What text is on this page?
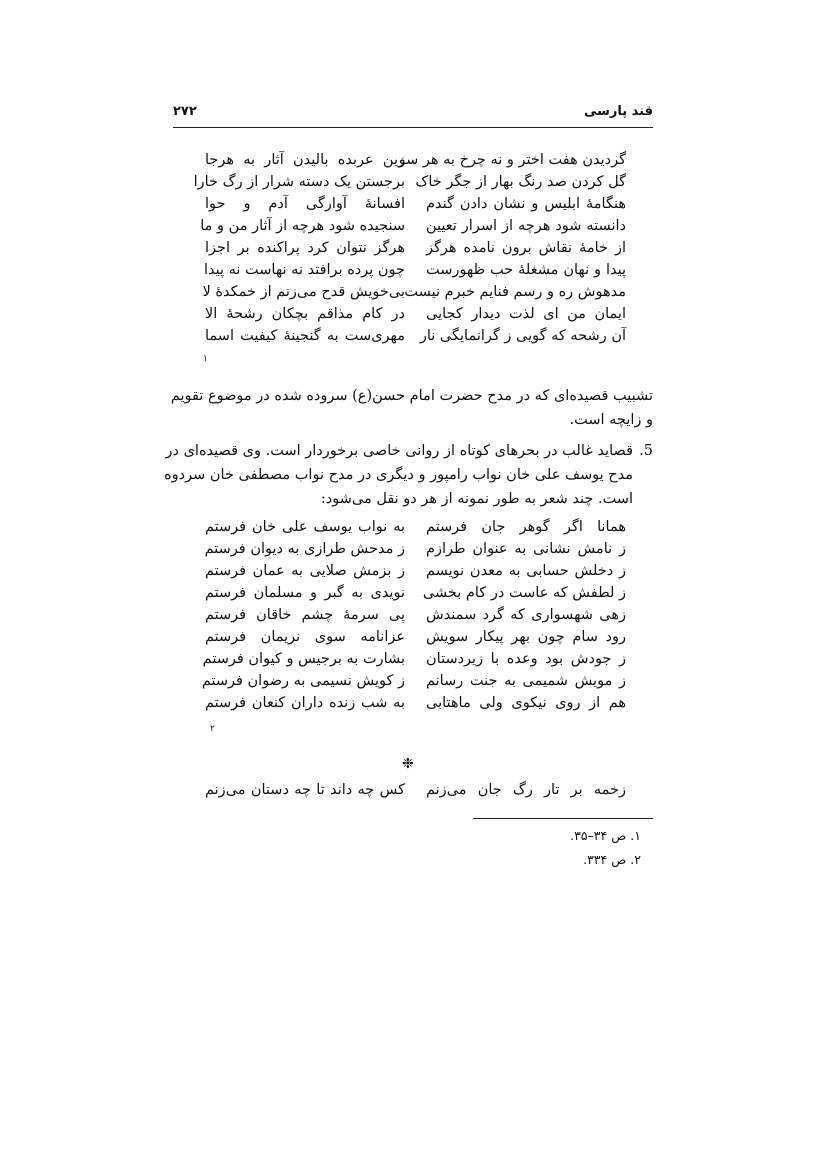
قند پارسی
۲۷۲
گردیدن هفت اختر و نه چرخ به هر سو
گل کردن صد رنگ بهار از جگر خاک
هنگامهٔ ابلیس و نشان دادن گندم
دانسته شود هرچه از اسرار تعیین
از خامهٔ نقاش برون نامده هرگز
پیدا و نهان مشغلهٔ حب ظهورست
مدهوش ره و رسم فنایم خبرم نیست
ایمان من ای لذت دیدار کجایی
آن رشحه که گویی ز گرانمایگی نار
زین عربده بالیدن آثار به هرجا
برجستن یک دسته شرار از رگ خارا
افسانهٔ آوارگی آدم و حوا
سنجیده شود هرچه از آثار من و ما
هرگز نتوان کرد پراکنده بر اجزا
چون پرده برافتد نه نهاست نه پیدا
بی‌خویش قدح می‌زنم از خمکدهٔ لا
در کام مذاقم بچکان رشحهٔ الا
مهری‌ست به گنجینهٔ کیفیت اسما
۱
تشبیب قصیده‌ای که در مدح حضرت امام حسن(ع) سروده شده در موضوع تقویم
و زایچه است.
5.
قصاید غالب در بحرهای کوتاه از روانی خاصی برخوردار است. وی قصیده‌ای در
مدح یوسف علی خان نواب رامپور و دیگری در مدح نواب مصطفی خان سردوه
است. چند شعر به طور نمونه از هر دو نقل می‌شود:
همانا اگر گوهر جان فرستم
ز نامش نشانی به عنوان طرازم
ز دخلش حسابی به معدن نویسم
ز لطفش که عاست در کام بخشی
زهی شهسواری که گرد سمندش
رود سام چون بهر پیکار سویش
ز جودش بود وعده با زیردستان
ز مویش شمیمی به جنت رسانم
هم از روی نیکوی ولی ماهتابی
به نواب یوسف علی خان فرستم
ز مدحش طرازی به دیوان فرستم
ز بزمش صلایی به عمان فرستم
نویدی به گبر و مسلمان فرستم
پی سرمهٔ چشم خاقان فرستم
عزانامه سوی نریمان فرستم
بشارت به برجیس و کیوان فرستم
ز کویش نسیمی به رضوان فرستم
به شب زنده داران کنعان فرستم
۲
❉
زخمه بر تار رگ جان می‌زنم
کس چه داند تا چه دستان می‌زنم
۱. ص ۳۴–۳۵.
۲. ص ۳۳۴.
